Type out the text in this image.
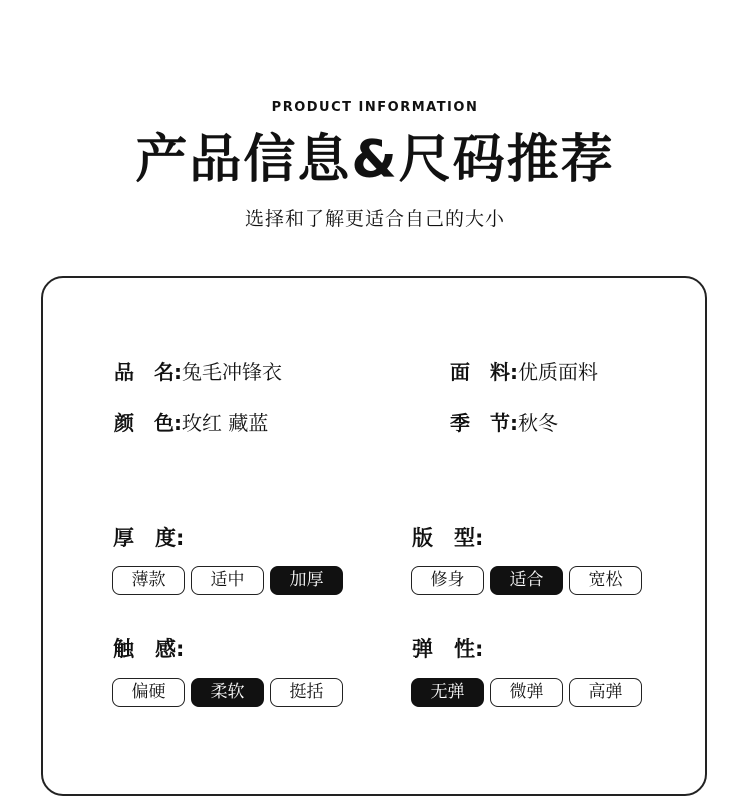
PRODUCT INFORMATION
产品信息&尺码推荐
选择和了解更适合自己的大小
品　名:兔毛冲锋衣	面　料:优质面料
颜　色:玫红 藏蓝	季　节:秋冬
厚　度:
薄款	适中	加厚
版　型:
修身	适合	宽松
触　感:
偏硬	柔软	挺括
弹　性:
无弹	微弹	高弹
